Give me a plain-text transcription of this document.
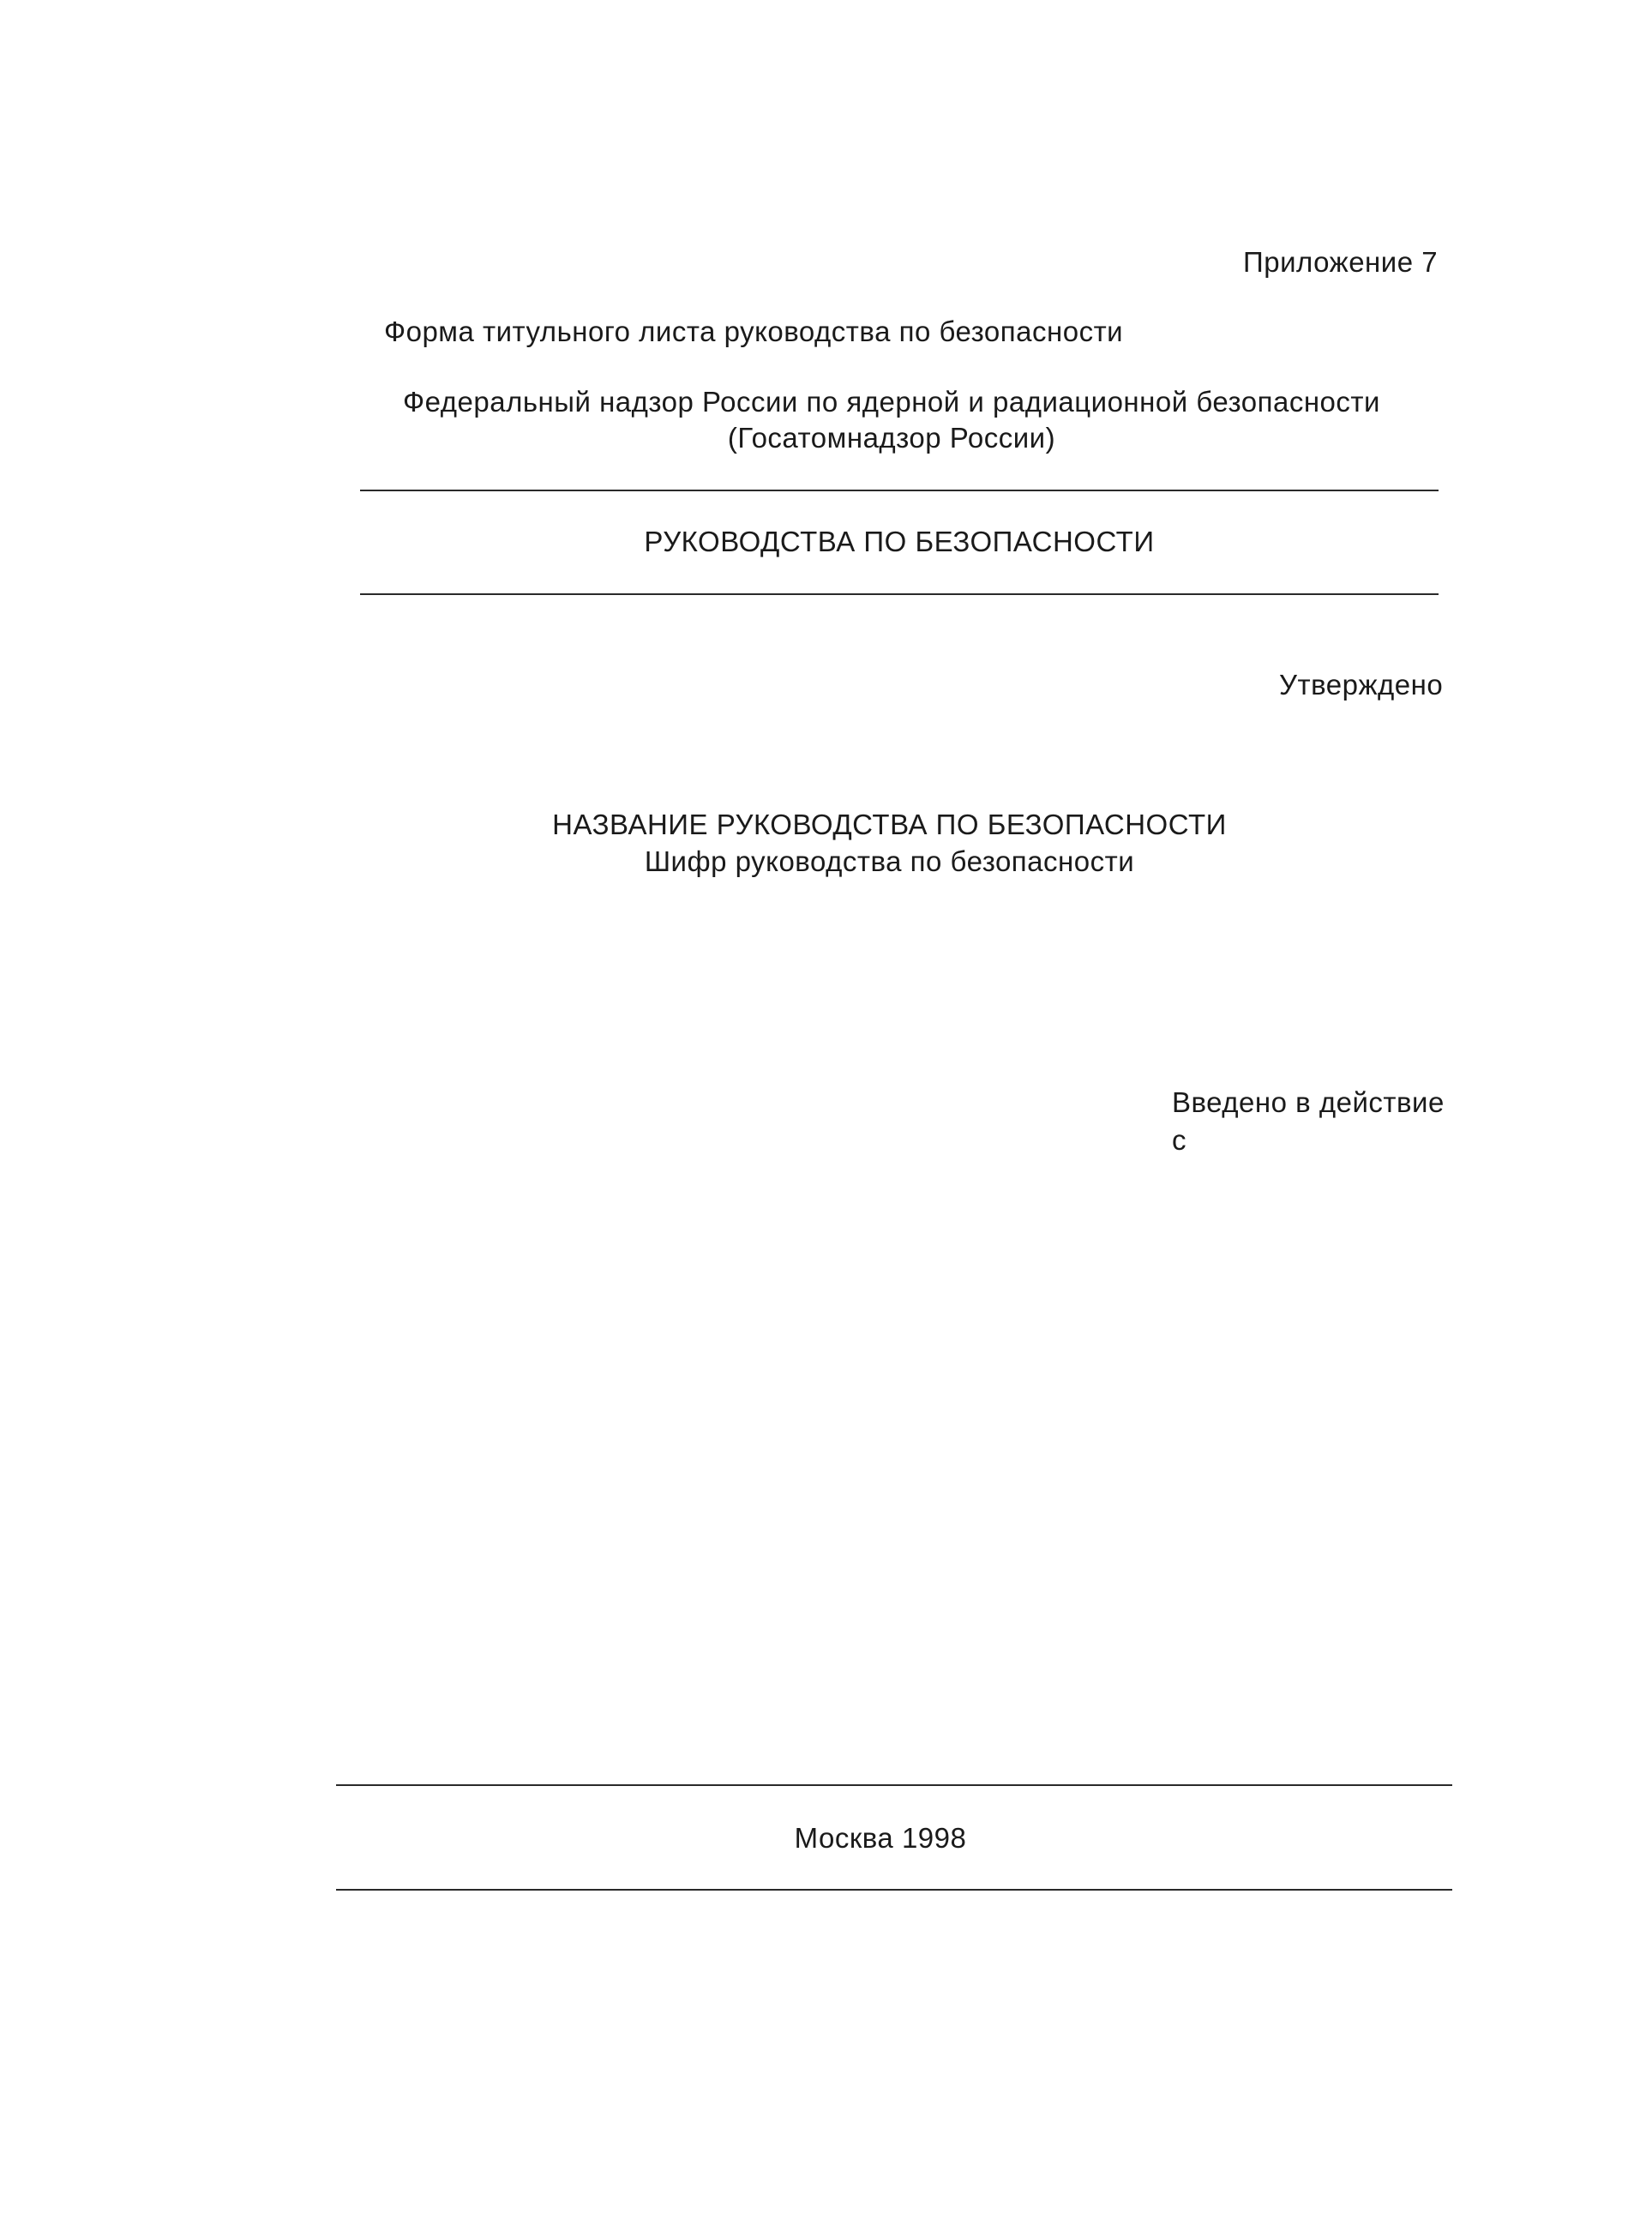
Приложение 7
Форма титульного листа руководства по безопасности
Федеральный надзор России по ядерной и радиационной безопасности
(Госатомнадзор России)
РУКОВОДСТВА ПО БЕЗОПАСНОСТИ
Утверждено
НАЗВАНИЕ РУКОВОДСТВА ПО БЕЗОПАСНОСТИ
Шифр руководства по безопасности
Введено в действие
с
Москва 1998
